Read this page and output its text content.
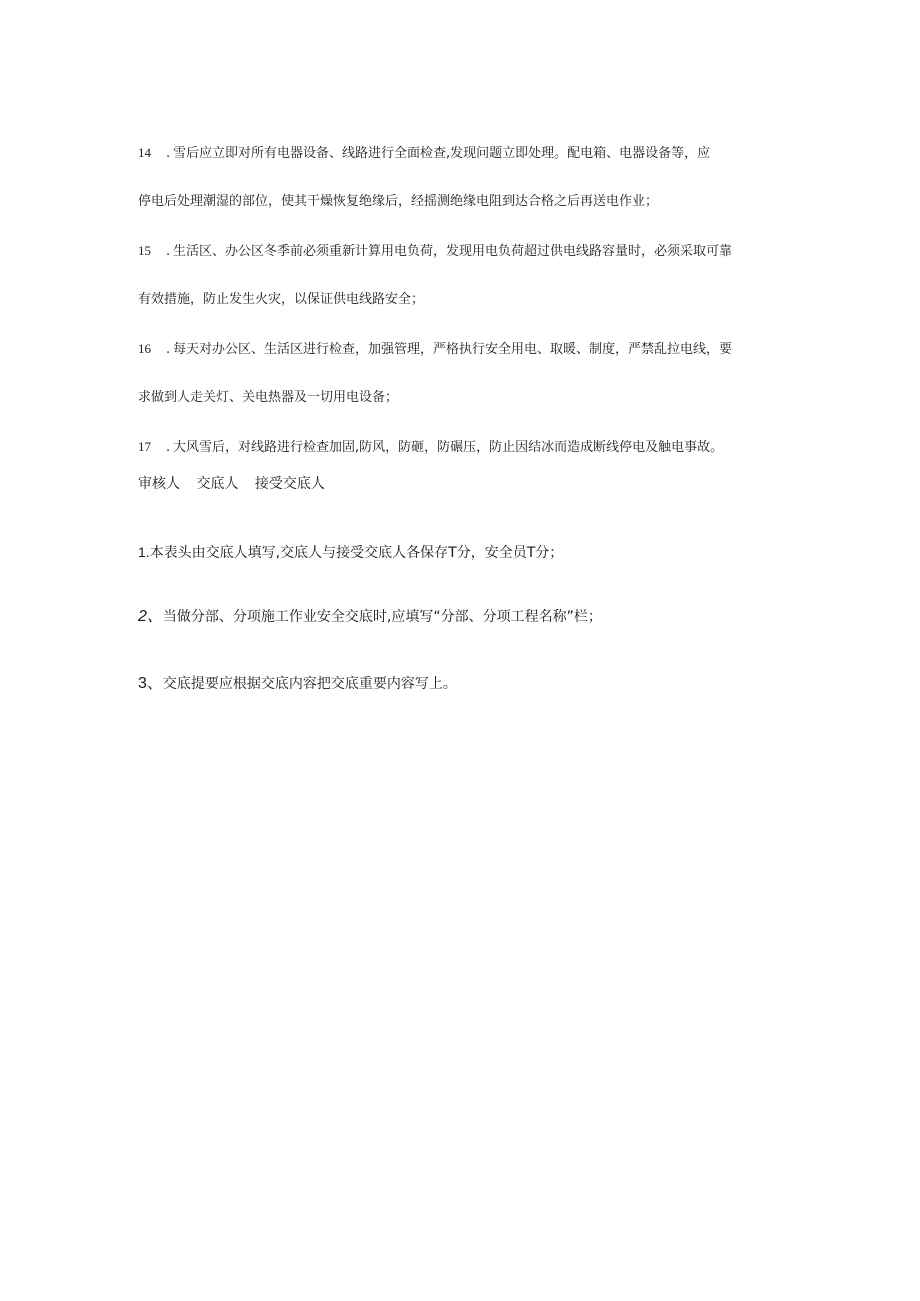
14 . 雪后应立即对所有电器设备、线路进行全面检查,发现问题立即处理。配电箱、电器设备等，应
停电后处理潮湿的部位，使其干燥恢复绝缘后，经摇测绝缘电阻到达合格之后再送电作业；
15 . 生活区、办公区冬季前必须重新计算用电负荷，发现用电负荷超过供电线路容量时，必须采取可靠
有效措施，防止发生火灾，以保证供电线路安全；
16 . 每天对办公区、生活区进行检查，加强管理，严格执行安全用电、取暖、制度，严禁乱拉电线，要
求做到人走关灯、关电热器及一切用电设备；
17 . 大风雪后，对线路进行检查加固,防风，防砸，防碾压，防止因结冰而造成断线停电及触电事故。
审核人 交底人 接受交底人
1.本表头由交底人填写,交底人与接受交底人各保存T分，安全员T分；
2、当做分部、分项施工作业安全交底时,应填写“分部、分项工程名称”栏；
3、交底提要应根据交底内容把交底重要内容写上。
